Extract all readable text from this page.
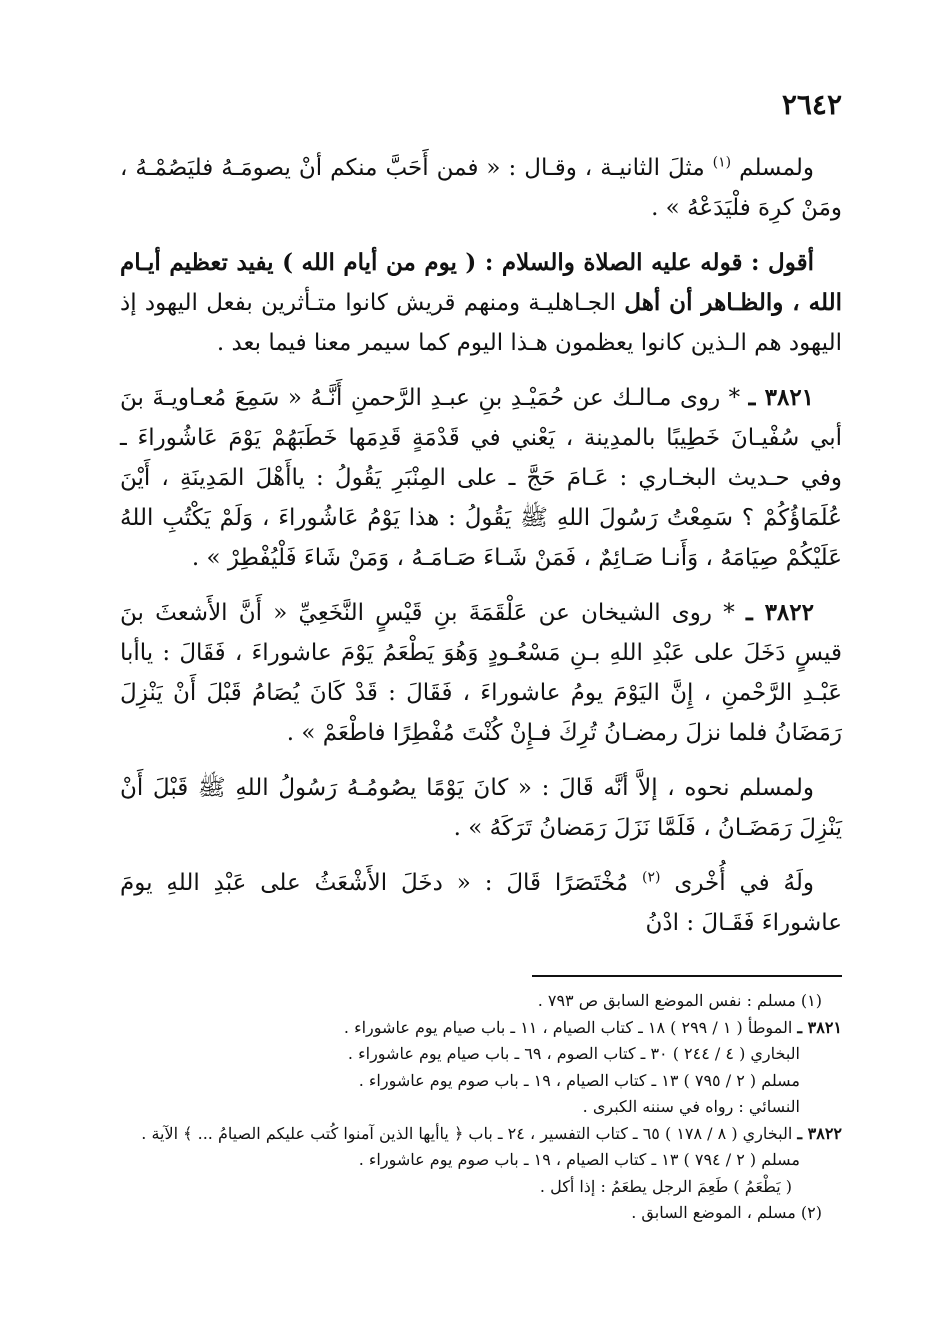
٢٦٤٢

ولمسلم $^{(١)}$ مثلَ الثانيـة ، وقـال : « فمن أَحَبَّ منكم أنْ يصومَـهُ فليَصُمْـهُ ، ومَنْ كرِهَ فلْيَدَعْهُ » .

أقول : قوله عليه الصلاة والسلام : ( يوم من أيام الله ) يفيد تعظيم أيـام الله ، والظـاهر أن أهل الجـاهليـة ومنهم قريش كانوا متـأثرين بفعل اليهود إذ اليهود هم الـذين كانوا يعظمون هـذا اليوم كما سيمر معنا فيما بعد .

٣٨٢١ ـ * روى مـالـك عن حُمَيْـدِ بنِ عبـدِ الرَّحمنِ أَنَّـهُ « سَمِعَ مُعـاويـةَ بنَ أبي سُفْيـانَ خَطِيبًا بالمدِينة ، يَعْني في قَدْمَةٍ قَدِمَها خَطَبَهُمْ يَوْمَ عَاشُوراءَ ـ وفي حـديث البخـاري : عَـامَ حَجَّ ـ على المِنْبَرِ يَقُولُ : ياأَهْلَ المَدِينَةِ ، أَيْنَ عُلَمَاؤُكُمْ ؟ سَمِعْتُ رَسُولَ اللهِ ﷺ يَقُولُ : هذا يَوْمُ عَاشُوراءَ ، وَلَمْ يَكْتُبِ اللهُ عَلَيْكُمْ صِيَامَهُ ، وَأَنـا صَـائِمٌ ، فَمَنْ شَـاءَ صَـامَـهُ ، وَمَنْ شَاءَ فَلْيُفْطِرْ » .

٣٨٢٢ ـ * روى الشيخان عن عَلْقَمَةَ بنِ قَيْسٍ النَّخَعِيِّ « أَنَّ الأَشعثَ بنَ قيسٍ دَخَلَ على عَبْدِ اللهِ بـنِ مَسْعُـودٍ وَهُوَ يَطْعَمُ يَوْمَ عاشوراءَ ، فَقَالَ : ياأبا عَبْـدِ الرَّحْمنِ ، إِنَّ اليَوْمَ يومُ عاشوراءَ ، فَقَالَ : قَدْ كَانَ يُصَامُ قَبْلَ أَنْ يَنْزِلَ رَمَضَانُ فلما نزلَ رمضـانُ تُرِكَ فـإِنْ كُنْتَ مُفْطِرًا فاطْعَمْ » .

ولمسلم نحوه ، إلاَّ أنَّه قَالَ : « كانَ يَوْمًا يصُومُـهُ رَسُولُ اللهِ ﷺ قَبْلَ أَنْ يَنْزِلَ رَمَضَـانُ ، فَلَمَّا نَزَلَ رَمَضانُ تَرَكَهُ » .

ولَهُ في أُخْرى $^{(٢)}$ مُخْتَصَرًا قَالَ : « دخَلَ الأَشْعَثُ على عَبْدِ اللهِ يومَ عاشوراءَ فَقَـالَ : ادْنُ

(١) مسلم : نفس الموضع السابق ص ٧٩٣ .

٣٨٢١ ـ الموطأ ( ١ / ٢٩٩ ) ١٨ ـ كتاب الصيام ، ١١ ـ باب صيام يوم عاشوراء .

البخاري ( ٤ / ٢٤٤ ) ٣٠ ـ كتاب الصوم ، ٦٩ ـ باب صيام يوم عاشوراء .

مسلم ( ٢ / ٧٩٥ ) ١٣ ـ كتاب الصيام ، ١٩ ـ باب صوم يوم عاشوراء .

النسائي : رواه في سننه الكبرى .

٣٨٢٢ ـ البخاري ( ٨ / ١٧٨ ) ٦٥ ـ كتاب التفسير ، ٢٤ ـ باب ﴿ ياأيها الذين آمنوا كُتب عليكم الصيامُ ... ﴾ الآية .

مسلم ( ٢ / ٧٩٤ ) ١٣ ـ كتاب الصيام ، ١٩ ـ باب صوم يوم عاشوراء .

( يَطْعَمُ ) طَعِمَ الرجل يطعَمُ : إذا أكل .

(٢) مسلم ، الموضع السابق .
